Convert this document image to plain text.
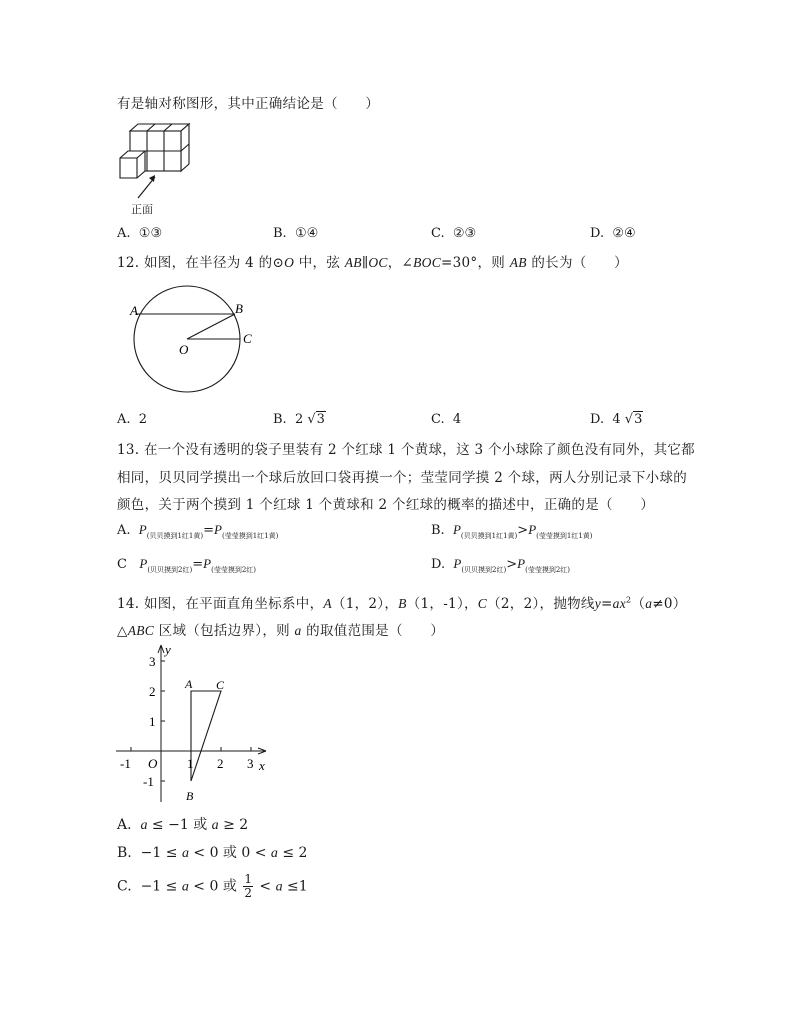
有是轴对称图形，其中正确结论是（　　）
正面
A. ①③	B. ①④	C. ②③	D. ②④
12. 如图，在半径为 4 的⊙O 中，弦 AB∥OC，∠BOC=30°，则 AB 的长为（　　）
A	B
C
O
A. 2	B. 2 √3	C. 4	D. 4 √3
13. 在一个没有透明的袋子里装有 2 个红球 1 个黄球，这 3 个小球除了颜色没有同外，其它都
相同，贝贝同学摸出一个球后放回口袋再摸一个；莹莹同学摸 2 个球，两人分别记录下小球的
颜色，关于两个摸到 1 个红球 1 个黄球和 2 个红球的概率的描述中，正确的是（　　）
A. $P_{(贝贝摸到1红1黄)}=P_{(莹莹摸到1红1黄)}$	B. $P_{(贝贝摸到1红1黄)}>P_{(莹莹摸到1红1黄)}$
C $P_{(贝贝摸到2红)}=P_{(莹莹摸到2红)}$	D. $P_{(贝贝摸到2红)}>P_{(莹莹摸到2红)}$
14. 如图，在平面直角坐标系中，A（1，2），B（1，-1），C（2，2），抛物线$y=ax^2(a\ne 0)$
△ABC 区域（包括边界），则 a 的取值范围是（　　）
y
x
O
-1	1 2 3
3
2
1
-1
A C
B
A. a ≤ −1 或 a ≥ 2
B. −1 ≤ a < 0 或 0 < a ≤ 2
C. −1 ≤ a < 0 或 $\frac{1}{2} < a \le 1$
